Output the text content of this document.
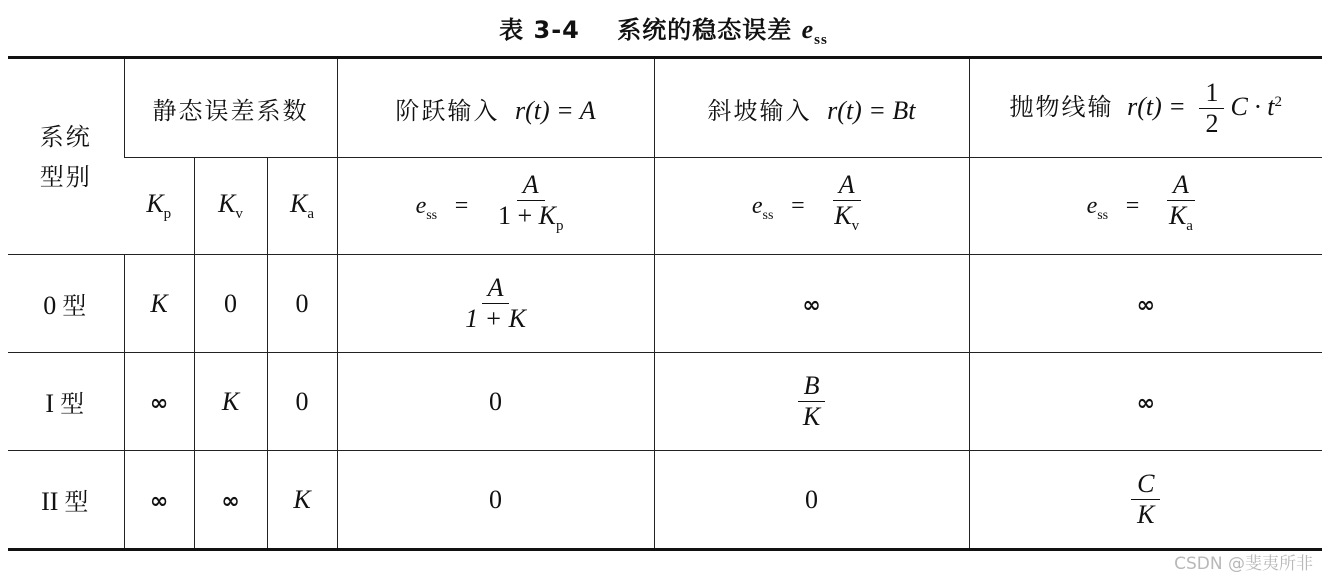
表 3-4 系统的稳态误差 $e_{ss}$
系统型别	静态误差系数			阶跃输入 r(t) = A	斜坡输入 r(t) = Bt	抛物线输 $r(t) = \frac{1}{2}$ $C \cdot t^2$
	$K_p$	$K_v$	$K_a$	$e_{ss} = \frac{A}{1 + K_p}$	$e_{ss} = \frac{A}{K_v}$	$e_{ss} = \frac{A}{K_a}$

0 型	K	0	0	$\frac{A}{1 + K}$	∞	∞
I 型	∞	K	0	0	$\frac{B}{K}$	∞
II 型	∞	∞	K	0	0	$\frac{C}{K}$
CSDN @斐夷所非
